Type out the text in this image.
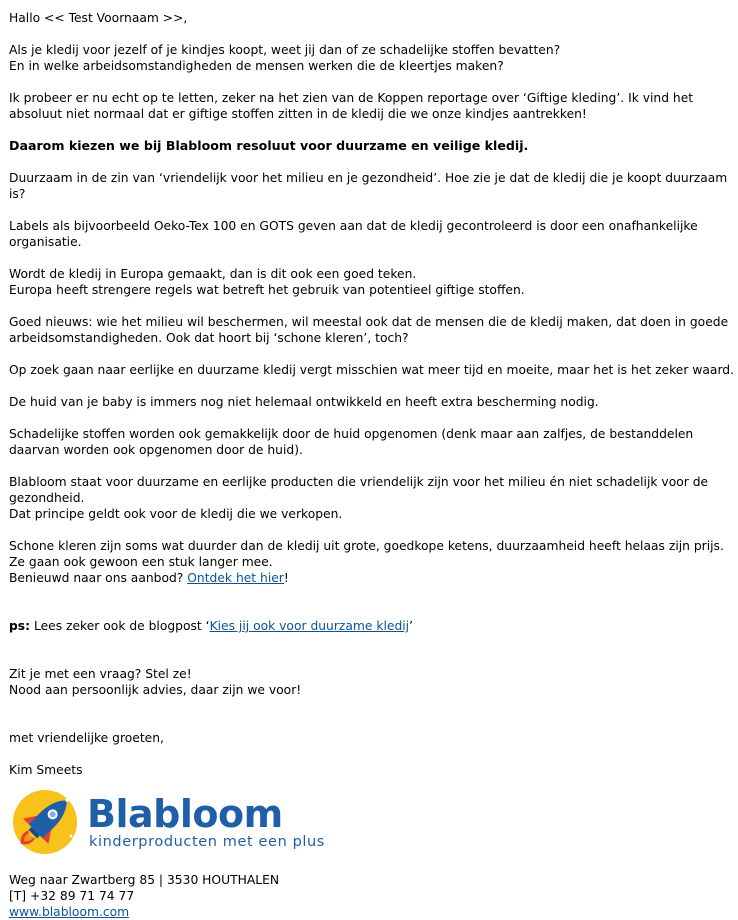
Hallo << Test Voornaam >>,

Als je kledij voor jezelf of je kindjes koopt, weet jij dan of ze schadelijke stoffen bevatten?
En in welke arbeidsomstandigheden de mensen werken die de kleertjes maken?

Ik probeer er nu echt op te letten, zeker na het zien van de Koppen reportage over ‘Giftige kleding’. Ik vind het absoluut niet normaal dat er giftige stoffen zitten in de kledij die we onze kindjes aantrekken!

Daarom kiezen we bij Blabloom resoluut voor duurzame en veilige kledij.

Duurzaam in de zin van ‘vriendelijk voor het milieu en je gezondheid’. Hoe zie je dat de kledij die je koopt duurzaam is?

Labels als bijvoorbeeld Oeko-Tex 100 en GOTS geven aan dat de kledij gecontroleerd is door een onafhankelijke organisatie.

Wordt de kledij in Europa gemaakt, dan is dit ook een goed teken.
Europa heeft strengere regels wat betreft het gebruik van potentieel giftige stoffen.

Goed nieuws: wie het milieu wil beschermen, wil meestal ook dat de mensen die de kledij maken, dat doen in goede arbeidsomstandigheden. Ook dat hoort bij ‘schone kleren’, toch?

Op zoek gaan naar eerlijke en duurzame kledij vergt misschien wat meer tijd en moeite, maar het is het zeker waard.

De huid van je baby is immers nog niet helemaal ontwikkeld en heeft extra bescherming nodig.

Schadelijke stoffen worden ook gemakkelijk door de huid opgenomen (denk maar aan zalfjes, de bestanddelen daarvan worden ook opgenomen door de huid).

Blabloom staat voor duurzame en eerlijke producten die vriendelijk zijn voor het milieu én niet schadelijk voor de gezondheid.
Dat principe geldt ook voor de kledij die we verkopen.

Schone kleren zijn soms wat duurder dan de kledij uit grote, goedkope ketens, duurzaamheid heeft helaas zijn prijs. Ze gaan ook gewoon een stuk langer mee.
Benieuwd naar ons aanbod? Ontdek het hier!

ps: Lees zeker ook de blogpost ‘Kies jij ook voor duurzame kledij’

Zit je met een vraag? Stel ze!
Nood aan persoonlijk advies, daar zijn we voor!

met vriendelijke groeten,

Kim Smeets

Blabloom
kinderproducten met een plus
Weg naar Zwartberg 85 | 3530 HOUTHALEN
[T] +32 89 71 74 77
www.blabloom.com
